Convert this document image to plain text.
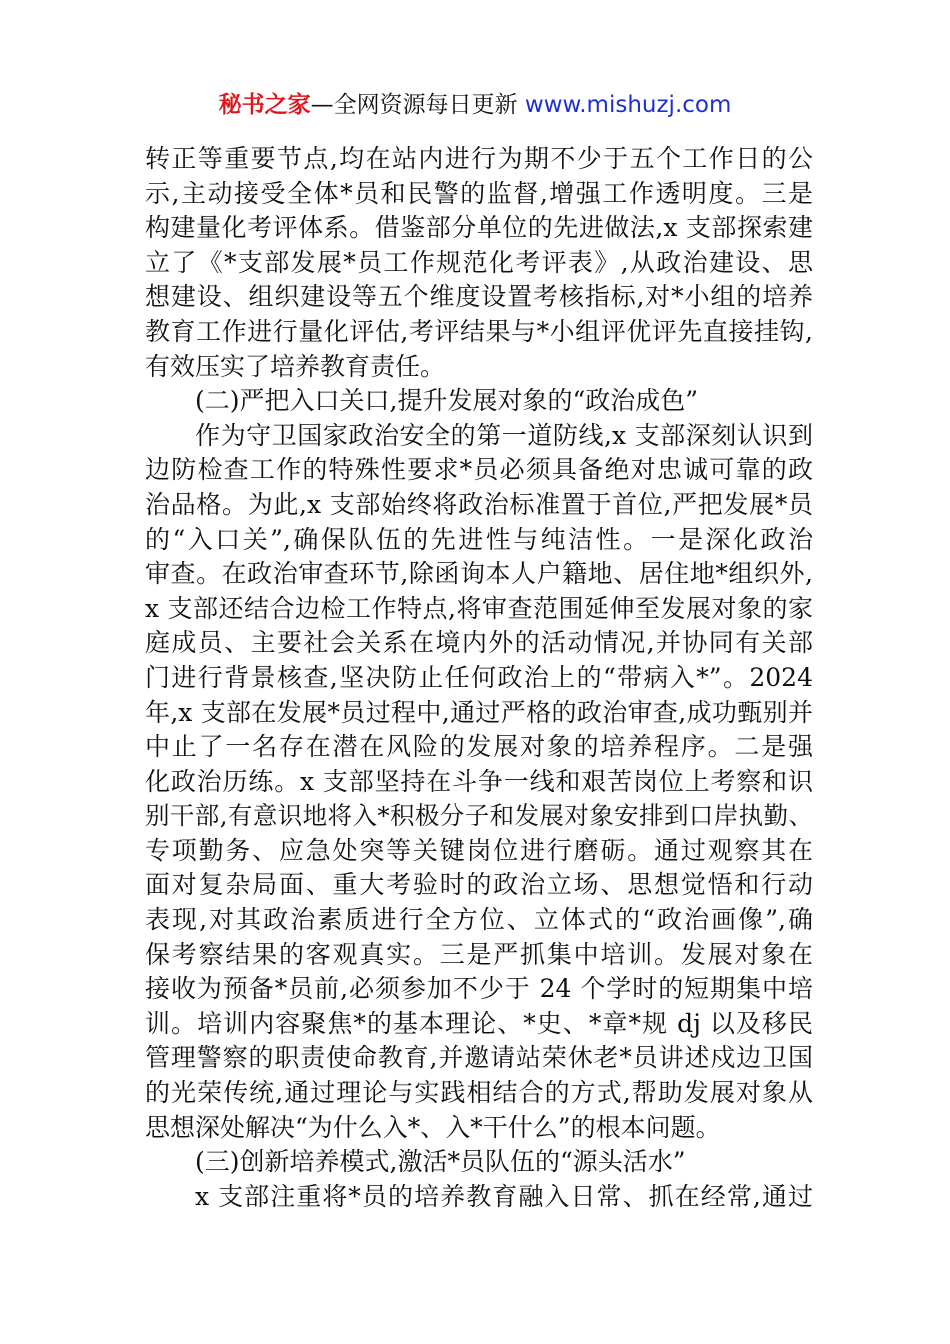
秘书之家—全网资源每日更新 www.mishuzj.com
转正等重要节点,均在站内进行为期不少于五个工作日的公
示,主动接受全体*员和民警的监督,增强工作透明度。三是
构建量化考评体系。借鉴部分单位的先进做法,x 支部探索建
立了《*支部发展*员工作规范化考评表》,从政治建设、思
想建设、组织建设等五个维度设置考核指标,对*小组的培养
教育工作进行量化评估,考评结果与*小组评优评先直接挂钩,
有效压实了培养教育责任。
(二)严把入口关口,提升发展对象的“政治成色”
作为守卫国家政治安全的第一道防线,x 支部深刻认识到
边防检查工作的特殊性要求*员必须具备绝对忠诚可靠的政
治品格。为此,x 支部始终将政治标准置于首位,严把发展*员
的“入口关”,确保队伍的先进性与纯洁性。一是深化政治
审查。在政治审查环节,除函询本人户籍地、居住地*组织外,
x 支部还结合边检工作特点,将审查范围延伸至发展对象的家
庭成员、主要社会关系在境内外的活动情况,并协同有关部
门进行背景核查,坚决防止任何政治上的“带病入*”。2024
年,x 支部在发展*员过程中,通过严格的政治审查,成功甄别并
中止了一名存在潜在风险的发展对象的培养程序。二是强
化政治历练。x 支部坚持在斗争一线和艰苦岗位上考察和识
别干部,有意识地将入*积极分子和发展对象安排到口岸执勤、
专项勤务、应急处突等关键岗位进行磨砺。通过观察其在
面对复杂局面、重大考验时的政治立场、思想觉悟和行动
表现,对其政治素质进行全方位、立体式的“政治画像”,确
保考察结果的客观真实。三是严抓集中培训。发展对象在
接收为预备*员前,必须参加不少于 24 个学时的短期集中培
训。培训内容聚焦*的基本理论、*史、*章*规 dj 以及移民
管理警察的职责使命教育,并邀请站荣休老*员讲述戍边卫国
的光荣传统,通过理论与实践相结合的方式,帮助发展对象从
思想深处解决“为什么入*、入*干什么”的根本问题。
(三)创新培养模式,激活*员队伍的“源头活水”
x 支部注重将*员的培养教育融入日常、抓在经常,通过
